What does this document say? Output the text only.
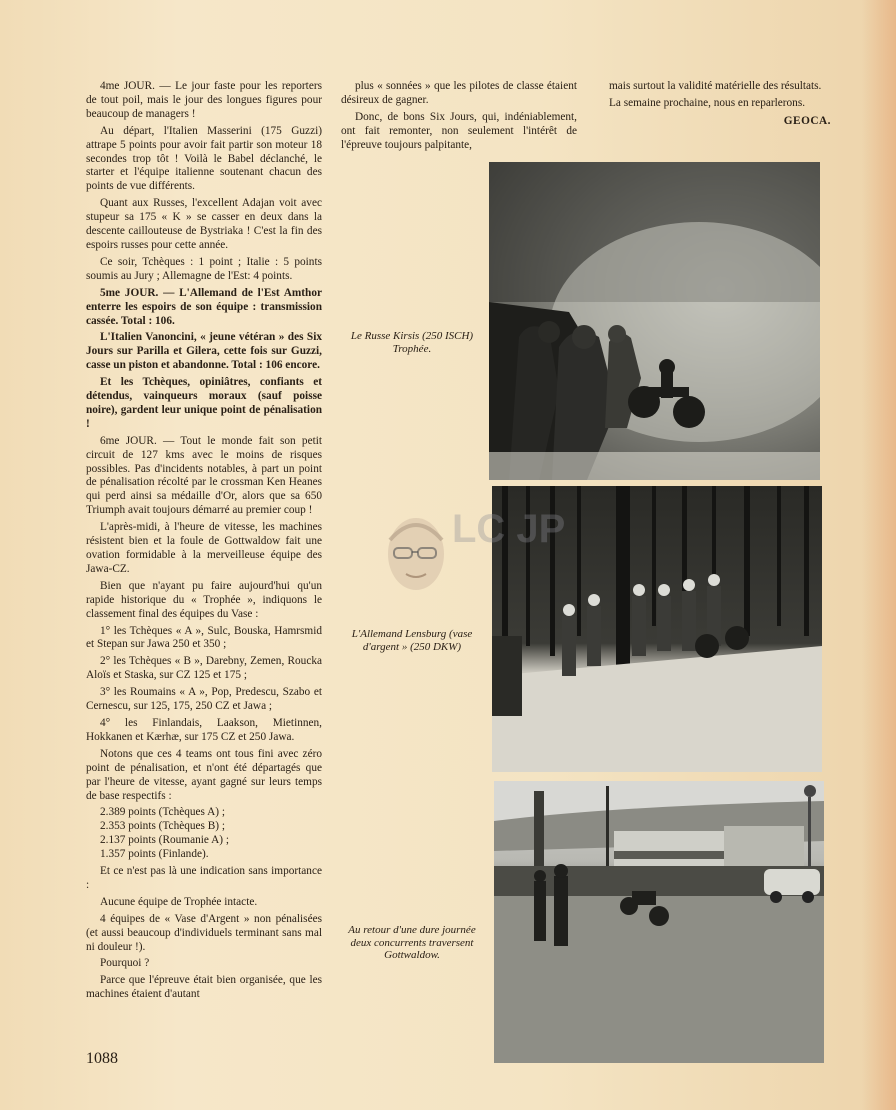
4me JOUR. — Le jour faste pour les reporters de tout poil, mais le jour des longues figures pour beaucoup de managers !

Au départ, l'Italien Masserini (175 Guzzi) attrape 5 points pour avoir fait partir son moteur 18 secondes trop tôt ! Voilà le Babel déclanché, le starter et l'équipe italienne soutenant chacun des points de vue différents.

Quant aux Russes, l'excellent Adajan voit avec stupeur sa 175 « K » se casser en deux dans la descente caillouteuse de Bystriaka ! C'est la fin des espoirs russes pour cette année.

Ce soir, Tchèques : 1 point ; Italie : 5 points soumis au Jury ; Allemagne de l'Est: 4 points.

5me JOUR. — L'Allemand de l'Est Amthor enterre les espoirs de son équipe : transmission cassée. Total : 106.

L'Italien Vanoncini, « jeune vétéran » des Six Jours sur Parilla et Gilera, cette fois sur Guzzi, casse un piston et abandonne. Total : 106 encore.

Et les Tchèques, opiniâtres, confiants et détendus, vainqueurs moraux (sauf poisse noire), gardent leur unique point de pénalisation !

6me JOUR. — Tout le monde fait son petit circuit de 127 kms avec le moins de risques possibles. Pas d'incidents notables, à part un point de pénalisation récolté par le crossman Ken Heanes qui perd ainsi sa médaille d'Or, alors que sa 650 Triumph avait toujours démarré au premier coup !

L'après-midi, à l'heure de vitesse, les machines résistent bien et la foule de Gottwaldow fait une ovation formidable à la merveilleuse équipe des Jawa-CZ.

Bien que n'ayant pu faire aujourd'hui qu'un rapide historique du « Trophée », indiquons le classement final des équipes du Vase :

1° les Tchèques « A », Sulc, Bouska, Hamrsmid et Stepan sur Jawa 250 et 350 ;

2° les Tchèques « B », Darebny, Zemen, Roucka Aloïs et Staska, sur CZ 125 et 175 ;

3° les Roumains « A », Pop, Predescu, Szabo et Cernescu, sur 125, 175, 250 CZ et Jawa ;

4° les Finlandais, Laakson, Mietinnen, Hokkanen et Kærhæ, sur 175 CZ et 250 Jawa.

Notons que ces 4 teams ont tous fini avec zéro point de pénalisation, et n'ont été départagés que par l'heure de vitesse, ayant gagné sur leurs temps de base respectifs :

2.389 points (Tchèques A) ;
2.353 points (Tchèques B) ;
2.137 points (Roumanie A) ;
1.357 points (Finlande).

Et ce n'est pas là une indication sans importance :

Aucune équipe de Trophée intacte.

4 équipes de « Vase d'Argent » non pénalisées (et aussi beaucoup d'individuels terminant sans mal ni douleur !).

Pourquoi ?

Parce que l'épreuve était bien organisée, que les machines étaient d'autant

plus « sonnées » que les pilotes de classe étaient désireux de gagner.

Donc, de bons Six Jours, qui, indéniablement, ont fait remonter, non seulement l'intérêt de l'épreuve toujours palpitante,

mais surtout la validité matérielle des résultats.

La semaine prochaine, nous en reparlerons.

GEOCA.
Le Russe Kirsis (250 ISCH) Trophée.
L'Allemand Lensburg (vase d'argent » (250 DKW)
Au retour d'une dure journée deux concurrents traversent Gottwaldow.
LC JP
1088
